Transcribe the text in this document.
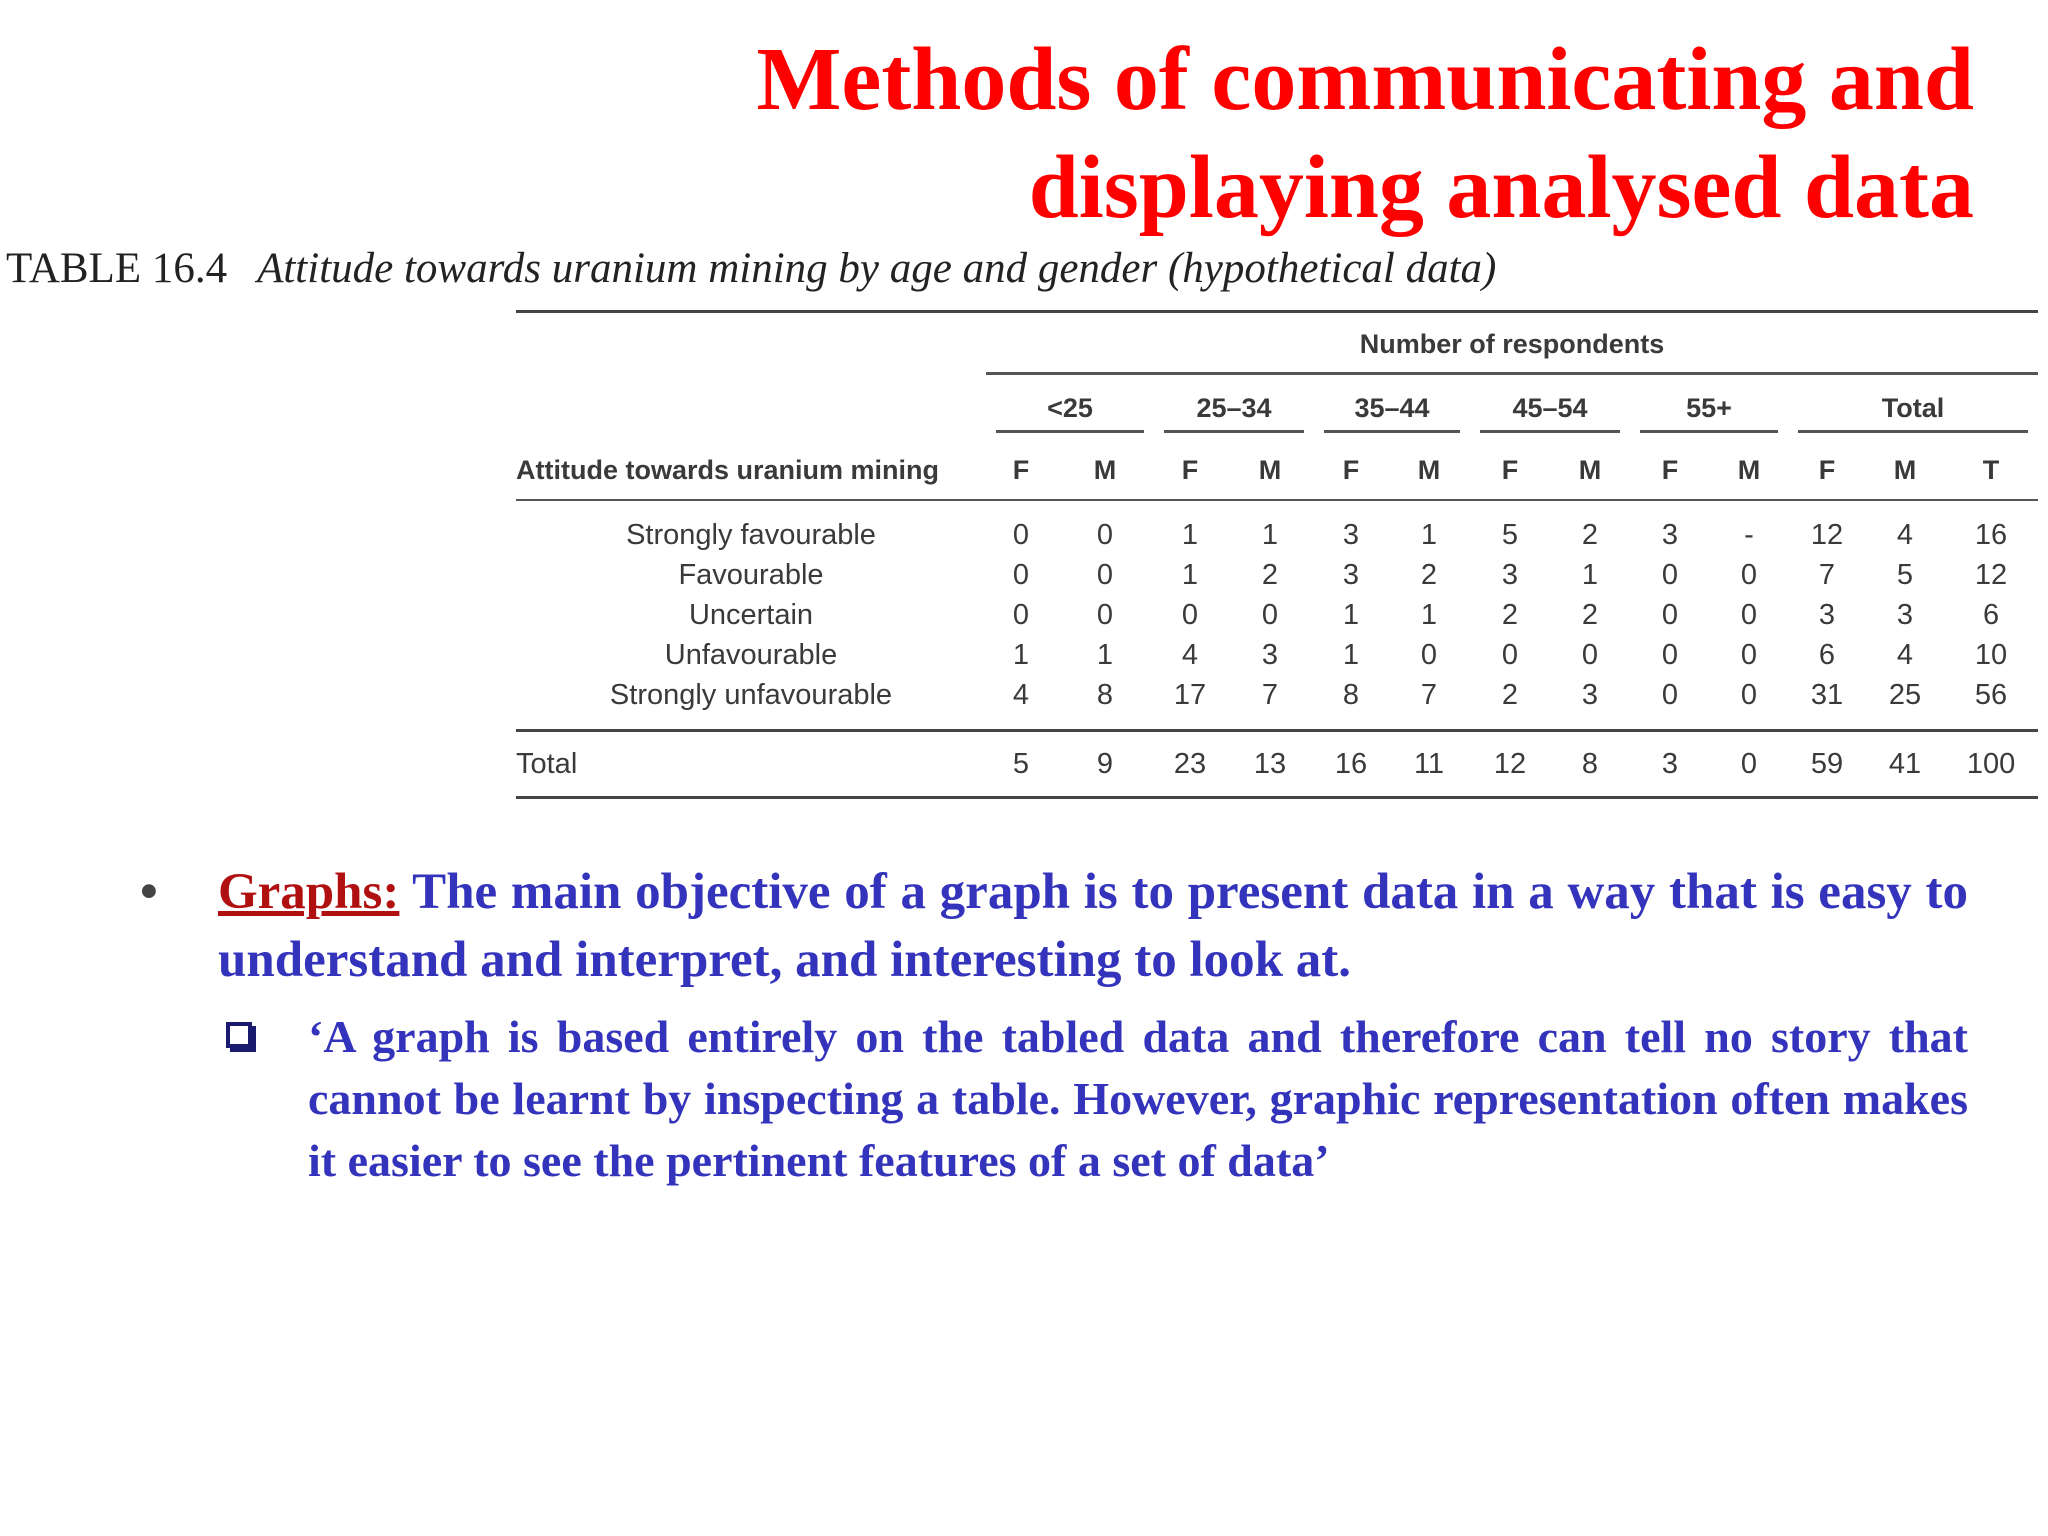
Methods of communicating and displaying analysed data
TABLE 16.4 Attitude towards uranium mining by age and gender (hypothetical data)
	Number of respondents												
	<25		25–34		35–44		45–54		55+		Total		
Attitude towards uranium mining	F	M	F	M	F	M	F	M	F	M	F	M	T
Strongly favourable	0	0	1	1	3	1	5	2	3	-	12	4	16
Favourable	0	0	1	2	3	2	3	1	0	0	7	5	12
Uncertain	0	0	0	0	1	1	2	2	0	0	3	3	6
Unfavourable	1	1	4	3	1	0	0	0	0	0	6	4	10
Strongly unfavourable	4	8	17	7	8	7	2	3	0	0	31	25	56
Total	5	9	23	13	16	11	12	8	3	0	59	41	100
• Graphs: The main objective of a graph is to present data in a way that is easy to understand and interpret, and interesting to look at.
‘A graph is based entirely on the tabled data and therefore can tell no story that cannot be learnt by inspecting a table. However, graphic representation often makes it easier to see the pertinent features of a set of data’
